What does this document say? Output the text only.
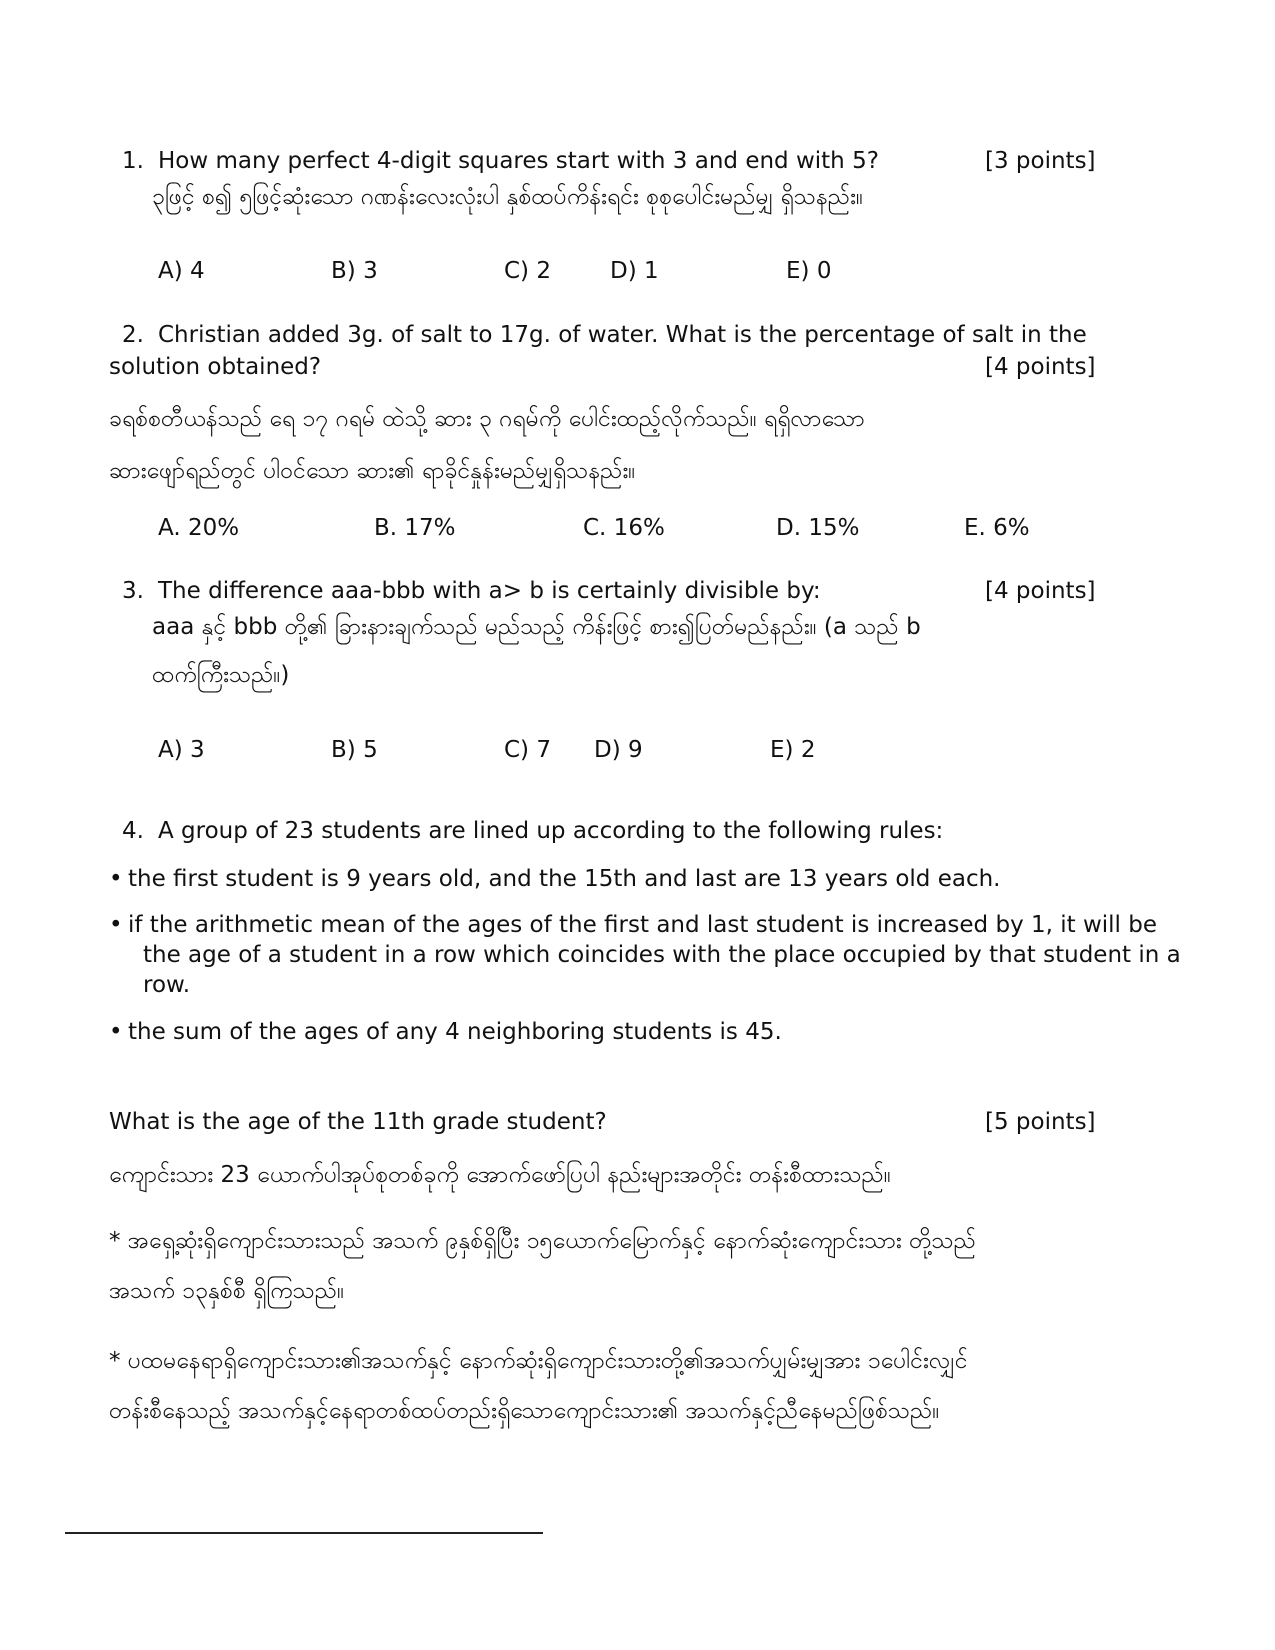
1. How many perfect 4-digit squares start with 3 and end with 5?	[3 points]
၃ဖြင့် စ၍ ၅ဖြင့်ဆုံးသော ဂဏန်းလေးလုံးပါ နှစ်ထပ်ကိန်းရင်း စုစုပေါင်းမည်မျှ ရှိသနည်း။
A) 4	B) 3	C) 2	D) 1	E) 0
2. Christian added 3g. of salt to 17g. of water. What is the percentage of salt in the
solution obtained?	[4 points]
ခရစ်စတီယန်သည် ရေ ၁၇ ဂရမ် ထဲသို့ ဆား ၃ ဂရမ်ကို ပေါင်းထည့်လိုက်သည်။ ရရှိလာသော
ဆားဖျော်ရည်တွင် ပါဝင်သော ဆား၏ ရာခိုင်နှုန်းမည်မျှရှိသနည်း။
A. 20%	B. 17%	C. 16%	D. 15%	E. 6%
3. The difference aaa-bbb with a> b is certainly divisible by:	[4 points]
aaa နှင့် bbb တို့၏ ခြားနားချက်သည် မည်သည့် ကိန်းဖြင့် စား၍ပြတ်မည်နည်း။ (a သည် b
ထက်ကြီးသည်။)
A) 3	B) 5	C) 7 D) 9	E) 2
4. A group of 23 students are lined up according to the following rules:
• the first student is 9 years old, and the 15th and last are 13 years old each.
• if the arithmetic mean of the ages of the first and last student is increased by 1, it will be
the age of a student in a row which coincides with the place occupied by that student in a
row.
• the sum of the ages of any 4 neighboring students is 45.
What is the age of the 11th grade student?	[5 points]
ကျောင်းသား 23 ယောက်ပါအုပ်စုတစ်ခုကို အောက်ဖော်ပြပါ နည်းများအတိုင်း တန်းစီထားသည်။
* အရှေ့ဆုံးရှိကျောင်းသားသည် အသက် ၉နှစ်ရှိပြီး ၁၅ယောက်မြောက်နှင့် နောက်ဆုံးကျောင်းသား တို့သည်
အသက် ၁၃နှစ်စီ ရှိကြသည်။
* ပထမနေရာရှိကျောင်းသား၏အသက်နှင့် နောက်ဆုံးရှိကျောင်းသားတို့၏အသက်ပျှမ်းမျှအား ၁ပေါင်းလျှင်
တန်းစီနေသည့် အသက်နှင့်နေရာတစ်ထပ်တည်းရှိသောကျောင်းသား၏ အသက်နှင့်ညီနေမည်ဖြစ်သည်။
